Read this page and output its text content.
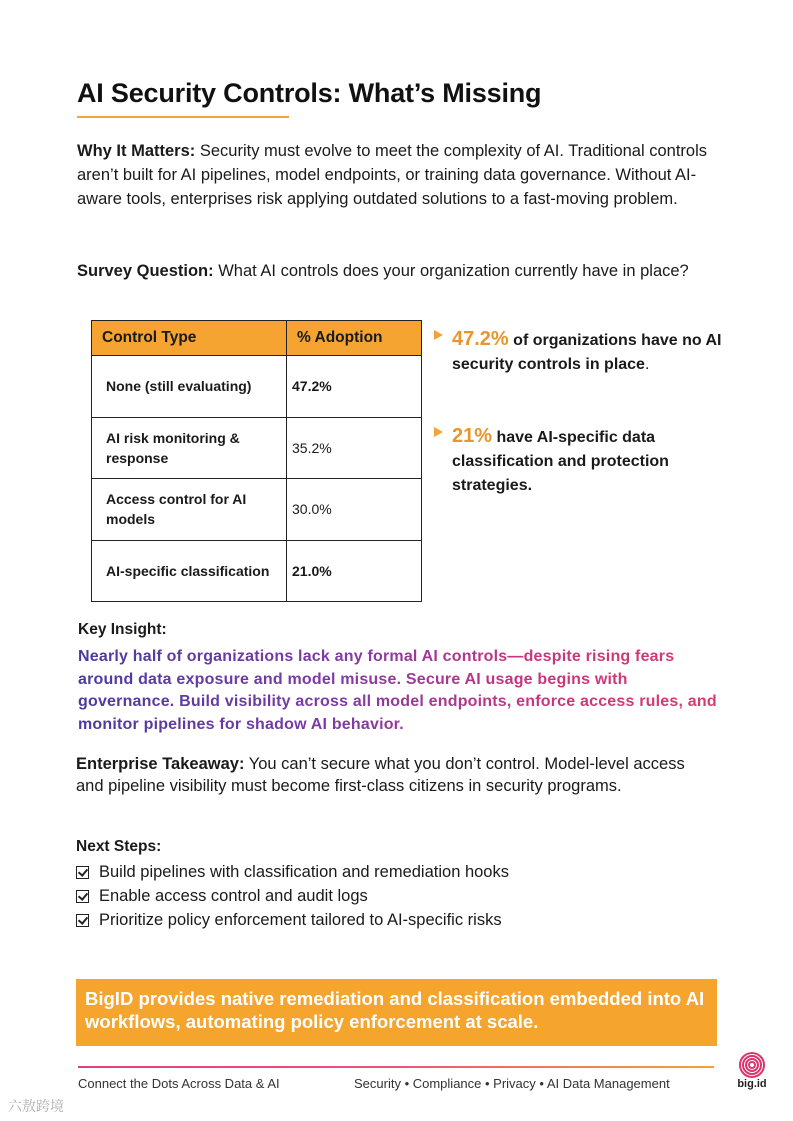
AI Security Controls: What’s Missing

Why It Matters: Security must evolve to meet the complexity of AI. Traditional controls aren’t built for AI pipelines, model endpoints, or training data governance. Without AI-aware tools, enterprises risk applying outdated solutions to a fast-moving problem.

Survey Question: What AI controls does your organization currently have in place?

Control Type	% Adoption
None (still evaluating)	47.2%
AI risk monitoring & response	35.2%
Access control for AI models	30.0%
AI-specific classification	21.0%
47.2% of organizations have no AI security controls in place.
21% have AI-specific data classification and protection strategies.
Key Insight:

Nearly half of organizations lack any formal AI controls—despite rising fears around data exposure and model misuse. Secure AI usage begins with governance. Build visibility across all model endpoints, enforce access rules, and monitor pipelines for shadow AI behavior.

Enterprise Takeaway: You can’t secure what you don’t control. Model-level access and pipeline visibility must become first-class citizens in security programs.

Next Steps:
Build pipelines with classification and remediation hooks
Enable access control and audit logs
Prioritize policy enforcement tailored to AI-specific risks
BigID provides native remediation and classification embedded into AI workflows, automating policy enforcement at scale.
Connect the Dots Across Data & AI	Security • Compliance • Privacy • AI Data Management	big.id
六敖跨境
